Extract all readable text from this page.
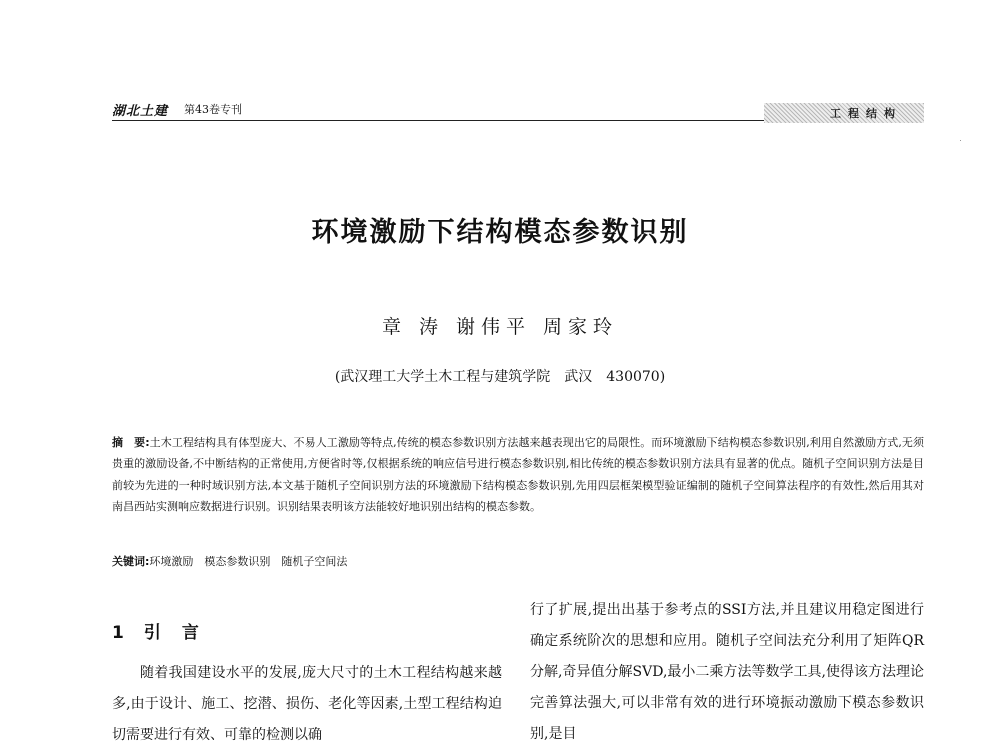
湖北土建 第43卷专刊	工程结构
环境激励下结构模态参数识别
章 涛 谢伟平 周家玲
(武汉理工大学土木工程与建筑学院　武汉　430070)
摘　要:土木工程结构具有体型庞大、不易人工激励等特点,传统的模态参数识别方法越来越表现出它的局限性。而环境激励下结构模态参数识别,利用自然激励方式,无须贵重的激励设备,不中断结构的正常使用,方便省时等,仅根据系统的响应信号进行模态参数识别,相比传统的模态参数识别方法具有显著的优点。随机子空间识别方法是目前较为先进的一种时域识别方法,本文基于随机子空间识别方法的环境激励下结构模态参数识别,先用四层框架模型验证编制的随机子空间算法程序的有效性,然后用其对南昌西站实测响应数据进行识别。识别结果表明该方法能较好地识别出结构的模态参数。
关键词:环境激励　模态参数识别　随机子空间法
1 引　言
随着我国建设水平的发展,庞大尺寸的土木工程结构越来越多,由于设计、施工、挖潜、损伤、老化等因素,土型工程结构迫切需要进行有效、可靠的检测以确
行了扩展,提出出基于参考点的SSI方法,并且建议用稳定图进行确定系统阶次的思想和应用。随机子空间法充分利用了矩阵QR分解,奇异值分解SVD,最小二乘方法等数学工具,使得该方法理论完善算法强大,可以非常有效的进行环境振动激励下模态参数识别,是目
